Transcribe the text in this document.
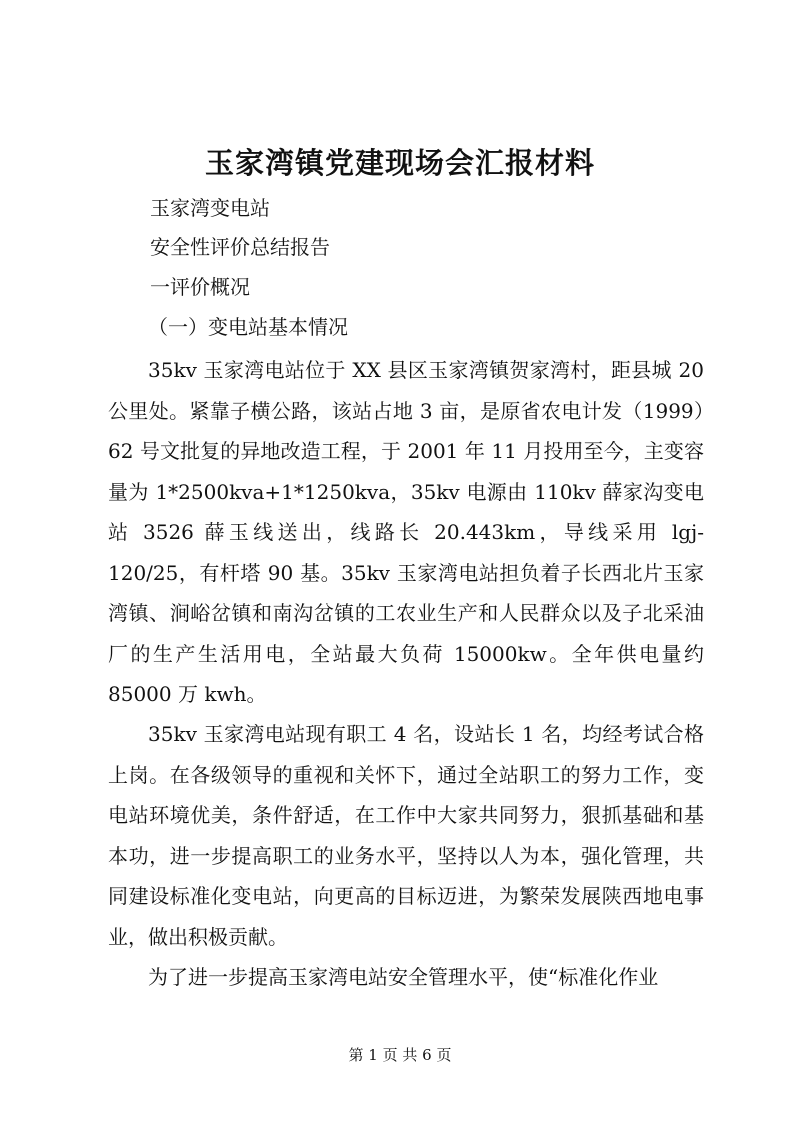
玉家湾镇党建现场会汇报材料

玉家湾变电站

安全性评价总结报告

一评价概况

（一）变电站基本情况

35kv 玉家湾电站位于 XX 县区玉家湾镇贺家湾村，距县城 20 公里处。紧靠子横公路，该站占地 3 亩，是原省农电计发（1999）62 号文批复的异地改造工程，于 2001 年 11 月投用至今，主变容量为 1*2500kva+1*1250kva，35kv 电源由 110kv 薛家沟变电站 3526 薛玉线送出，线路长 20.443km，导线采用 lgj-120/25，有杆塔 90 基。35kv 玉家湾电站担负着子长西北片玉家湾镇、涧峪岔镇和南沟岔镇的工农业生产和人民群众以及子北采油厂的生产生活用电，全站最大负荷 15000kw。全年供电量约 85000 万 kwh。

35kv 玉家湾电站现有职工 4 名，设站长 1 名，均经考试合格上岗。在各级领导的重视和关怀下，通过全站职工的努力工作，变电站环境优美，条件舒适，在工作中大家共同努力，狠抓基础和基本功，进一步提高职工的业务水平，坚持以人为本，强化管理，共同建设标准化变电站，向更高的目标迈进，为繁荣发展陕西地电事业，做出积极贡献。

为了进一步提高玉家湾电站安全管理水平，使“标准化作业

第 1 页 共 6 页
